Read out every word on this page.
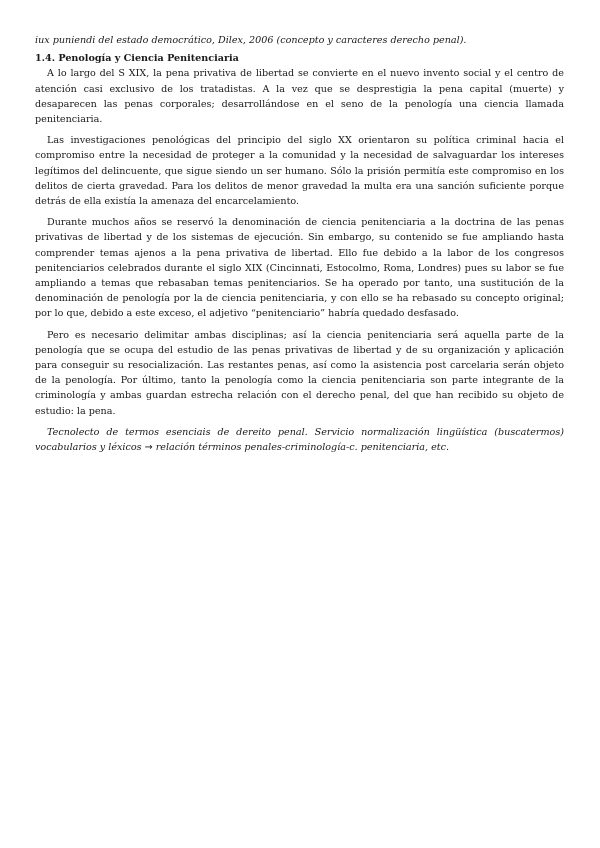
iux puniendi del estado democrático, Dilex, 2006 (concepto y caracteres derecho penal).

1.4. Penología y Ciencia Penitenciaria

A lo largo del S XIX, la pena privativa de libertad se convierte en el nuevo invento social y el centro de atención casi exclusivo de los tratadistas. A la vez que se desprestigia la pena capital (muerte) y desaparecen las penas corporales; desarrollándose en el seno de la penología una ciencia llamada penitenciaria.

Las investigaciones penológicas del principio del siglo XX orientaron su política criminal hacia el compromiso entre la necesidad de proteger a la comunidad y la necesidad de salvaguardar los intereses legítimos del delincuente, que sigue siendo un ser humano. Sólo la prisión permitía este compromiso en los delitos de cierta gravedad. Para los delitos de menor gravedad la multa era una sanción suficiente porque detrás de ella existía la amenaza del encarcelamiento.

Durante muchos años se reservó la denominación de ciencia penitenciaria a la doctrina de las penas privativas de libertad y de los sistemas de ejecución. Sin embargo, su contenido se fue ampliando hasta comprender temas ajenos a la pena privativa de libertad. Ello fue debido a la labor de los congresos penitenciarios celebrados durante el siglo XIX (Cincinnati, Estocolmo, Roma, Londres) pues su labor se fue ampliando a temas que rebasaban temas penitenciarios. Se ha operado por tanto, una sustitución de la denominación de penología por la de ciencia penitenciaria, y con ello se ha rebasado su concepto original; por lo que, debido a este exceso, el adjetivo “penitenciario” habría quedado desfasado.

Pero es necesario delimitar ambas disciplinas; así la ciencia penitenciaria será aquella parte de la penología que se ocupa del estudio de las penas privativas de libertad y de su organización y aplicación para conseguir su resocialización. Las restantes penas, así como la asistencia post carcelaria serán objeto de la penología. Por último, tanto la penología como la ciencia penitenciaria son parte integrante de la criminología y ambas guardan estrecha relación con el derecho penal, del que han recibido su objeto de estudio: la pena.

Tecnolecto de termos esenciais de dereito penal. Servicio normalización lingüística (buscatermos) vocabularios y léxicos → relación términos penales-criminología-c. penitenciaria, etc.
